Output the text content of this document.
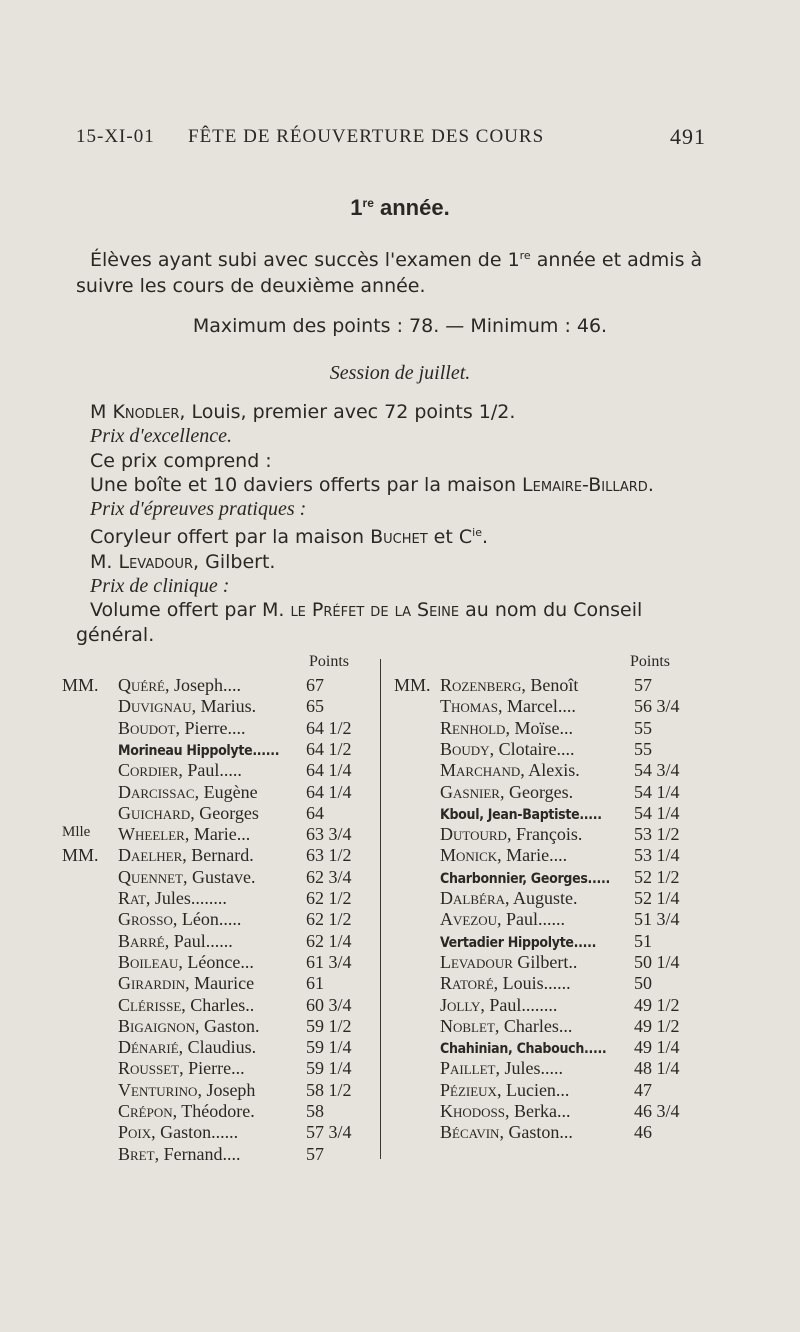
15-XI-01 FÊTE DE RÉOUVERTURE DES COURS	491
1re année.
Élèves ayant subi avec succès l'examen de 1re année et admis à
suivre les cours de deuxième année.
Maximum des points : 78. — Minimum : 46.
Session de juillet.
M Knodler, Louis, premier avec 72 points 1/2.
Prix d'excellence.
Ce prix comprend :
Une boîte et 10 daviers offerts par la maison Lemaire-Billard.
Prix d'épreuves pratiques :
Coryleur offert par la maison Buchet et $C^{ie}$.
M. Levadour, Gilbert.
Prix de clinique :
Volume offert par M. le Préfet de la Seine au nom du Conseil
général.
Points
MM. Quéré, Joseph....	67
Duvignau, Marius.	65
Boudot, Pierre....	64 1/2
Morineau Hippolyte...... 64 1/2
Cordier, Paul.....	64 1/4
Darcissac, Eugène	64 1/4
Guichard, Georges	64
Mlle Wheeler, Marie...	63 3/4
MM. Daelher, Bernard.	63 1/2
Quennet, Gustave.	62 3/4
Rat, Jules........	62 1/2
Grosso, Léon.....	62 1/2
Barré, Paul......	62 1/4
Boileau, Léonce...	61 3/4
Girardin, Maurice	61
Clérisse, Charles..	60 3/4
Bigaignon, Gaston.	59 1/2
Dénarié, Claudius.	59 1/4
Rousset, Pierre...	59 1/4
Venturino, Joseph	58 1/2
Crépon, Théodore.	58
Poix, Gaston......	57 3/4
Bret, Fernand....	57
Points
MM. Rozenberg, Benoît	57
Thomas, Marcel....	56 3/4
Renhold, Moïse...	55
Boudy, Clotaire....	55
Marchand, Alexis.	54 3/4
Gasnier, Georges.	54 1/4
Kboul, Jean-Baptiste..... 54 1/4
Dutourd, François.	53 1/2
Monick, Marie....	53 1/4
Charbonnier, Georges..... 52 1/2
Dalbéra, Auguste.	52 1/4
Avezou, Paul......	51 3/4
Vertadier Hippolyte..... 51
Levadour Gilbert..	50 1/4
Ratoré, Louis......	50
Jolly, Paul........	49 1/2
Noblet, Charles...	49 1/2
Chahinian, Chabouch..... 49 1/4
Paillet, Jules.....	48 1/4
Pézieux, Lucien...	47
Khodoss, Berka...	46 3/4
Bécavin, Gaston...	46
